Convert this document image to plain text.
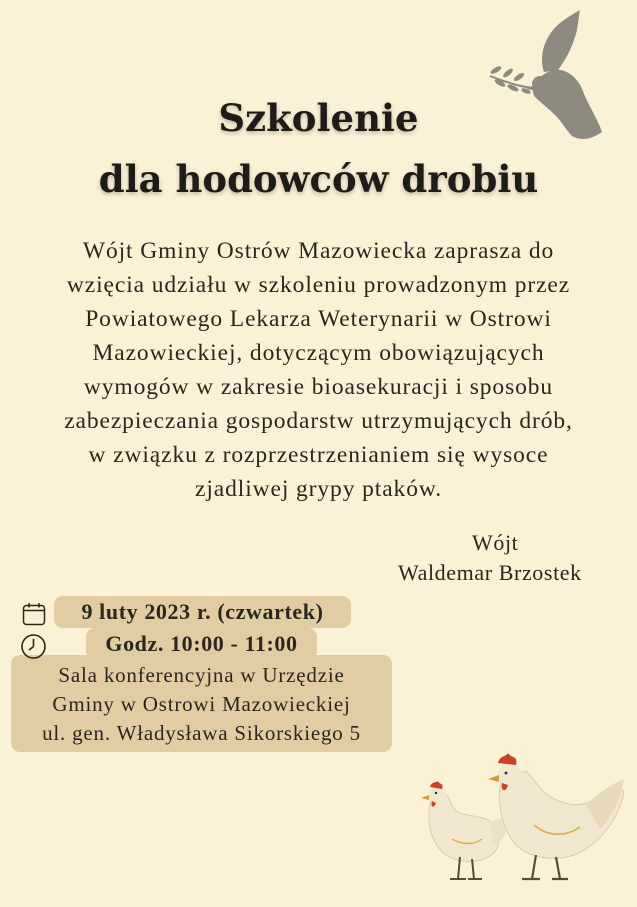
Szkolenie
dla hodowców drobiu
Wójt Gminy Ostrów Mazowiecka zaprasza do
wzięcia udziału w szkoleniu prowadzonym przez
Powiatowego Lekarza Weterynarii w Ostrowi
Mazowieckiej, dotyczącym obowiązujących
wymogów w zakresie bioasekuracji i sposobu
zabezpieczania gospodarstw utrzymujących drób,
w związku z rozprzestrzenianiem się wysoce
zjadliwej grypy ptaków.
Wójt
Waldemar Brzostek
9 luty 2023 r. (czwartek)
Godz. 10:00 - 11:00
Sala konferencyjna w Urzędzie
Gminy w Ostrowi Mazowieckiej
ul. gen. Władysława Sikorskiego 5
